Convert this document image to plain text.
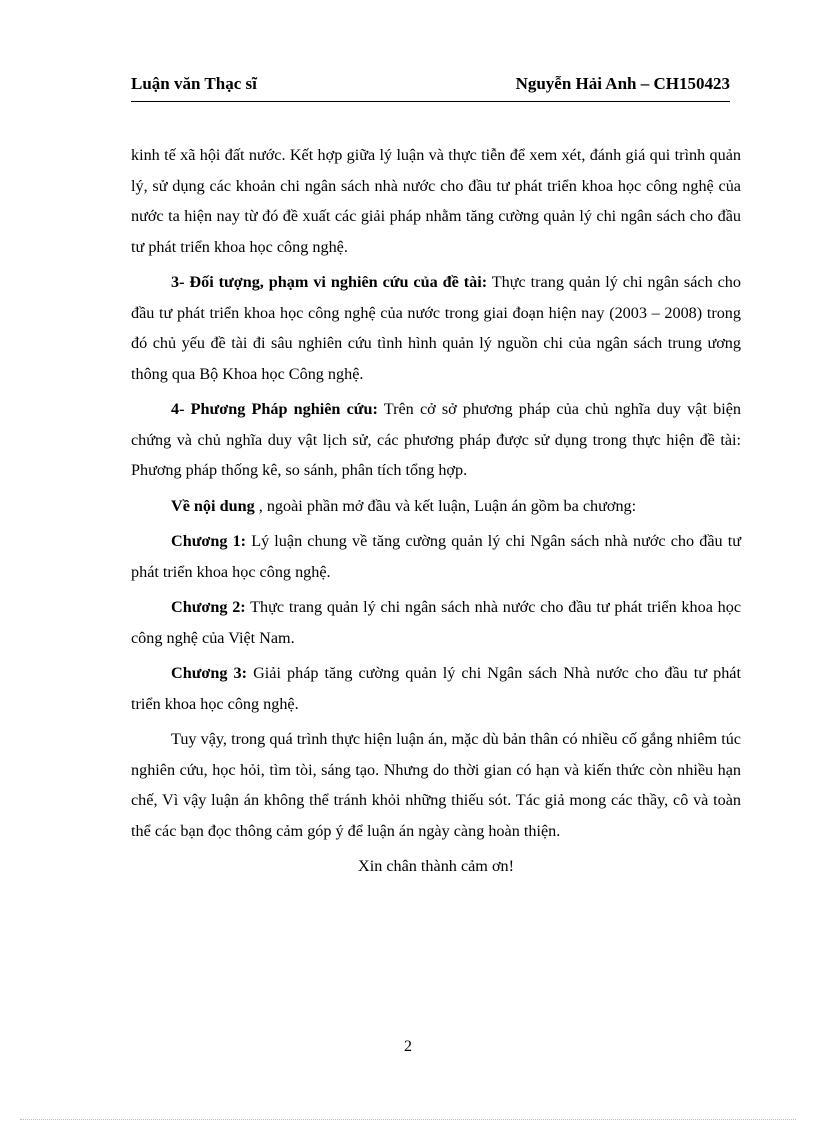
Luận văn Thạc sĩ	Nguyễn Hải Anh – CH150423

kinh tế xã hội đất nước. Kết hợp giữa lý luận và thực tiễn để xem xét, đánh giá qui trình quản lý, sử dụng các khoản chi ngân sách nhà nước cho đầu tư phát triển khoa học công nghệ của nước ta hiện nay từ đó đề xuất các giải pháp nhằm tăng cường quản lý chi ngân sách cho đầu tư phát triển khoa học công nghệ.

3- Đối tượng, phạm vi nghiên cứu của đề tài: Thực trang quản lý chi ngân sách cho đầu tư phát triển khoa học công nghệ của nước trong giai đoạn hiện nay (2003 – 2008) trong đó chủ yếu đề tài đi sâu nghiên cứu tình hình quản lý nguồn chi của ngân sách trung ương thông qua Bộ Khoa học Công nghệ.

4- Phương Pháp nghiên cứu: Trên cở sở phương pháp của chủ nghĩa duy vật biện chứng và chủ nghĩa duy vật lịch sử, các phương pháp được sử dụng trong thực hiện đề tài: Phương pháp thống kê, so sánh, phân tích tổng hợp.

Về nội dung , ngoài phần mở đầu và kết luận, Luận án gồm ba chương:

Chương 1: Lý luận chung về tăng cường quản lý chi Ngân sách nhà nước cho đầu tư phát triển khoa học công nghệ.

Chương 2: Thực trang quản lý chi ngân sách nhà nước cho đầu tư phát triển khoa học công nghệ của Việt Nam.

Chương 3: Giải pháp tăng cường quản lý chi Ngân sách Nhà nước cho đầu tư phát triển khoa học công nghệ.

Tuy vậy, trong quá trình thực hiện luận án, mặc dù bản thân có nhiều cố gắng nhiêm túc nghiên cứu, học hỏi, tìm tòi, sáng tạo. Nhưng do thời gian có hạn và kiến thức còn nhiều hạn chế, Vì vậy luận án không thể tránh khỏi những thiếu sót. Tác giả mong các thầy, cô và toàn thể các bạn đọc thông cảm góp ý để luận án ngày càng hoàn thiện.

Xin chân thành cảm ơn!

2
